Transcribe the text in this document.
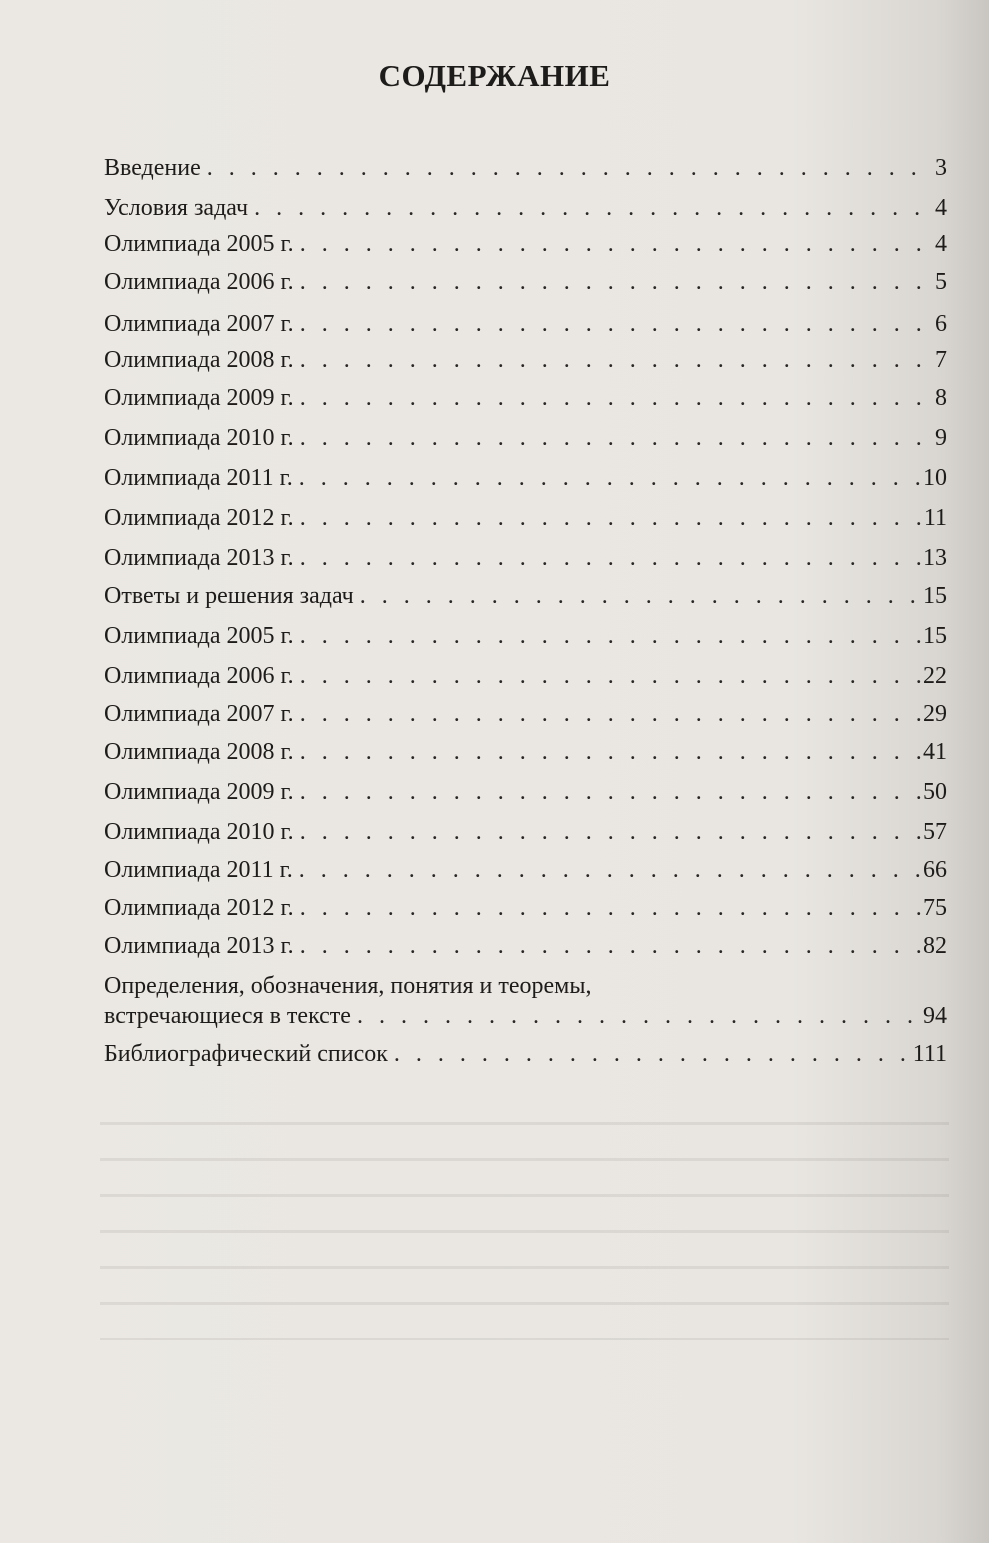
СОДЕРЖАНИЕ
Введение . . .	3
Условия задач . . .	4
Олимпиада 2005 г. . . .	4
Олимпиада 2006 г. . . .	5
Олимпиада 2007 г. . . .	6
Олимпиада 2008 г. . . .	7
Олимпиада 2009 г. . . .	8
Олимпиада 2010 г. . . .	9
Олимпиада 2011 г. . . .	10
Олимпиада 2012 г. . . .	11
Олимпиада 2013 г. . . .	13
Ответы и решения задач . . .	15
Олимпиада 2005 г. . . .	15
Олимпиада 2006 г. . . .	22
Олимпиада 2007 г. . . .	29
Олимпиада 2008 г. . . .	41
Олимпиада 2009 г. . . .	50
Олимпиада 2010 г. . . .	57
Олимпиада 2011 г. . . .	66
Олимпиада 2012 г. . . .	75
Олимпиада 2013 г. . . .	82
Определения, обозначения, понятия и теоремы,
встречающиеся в тексте . . .	94
Библиографический список . . .	111
